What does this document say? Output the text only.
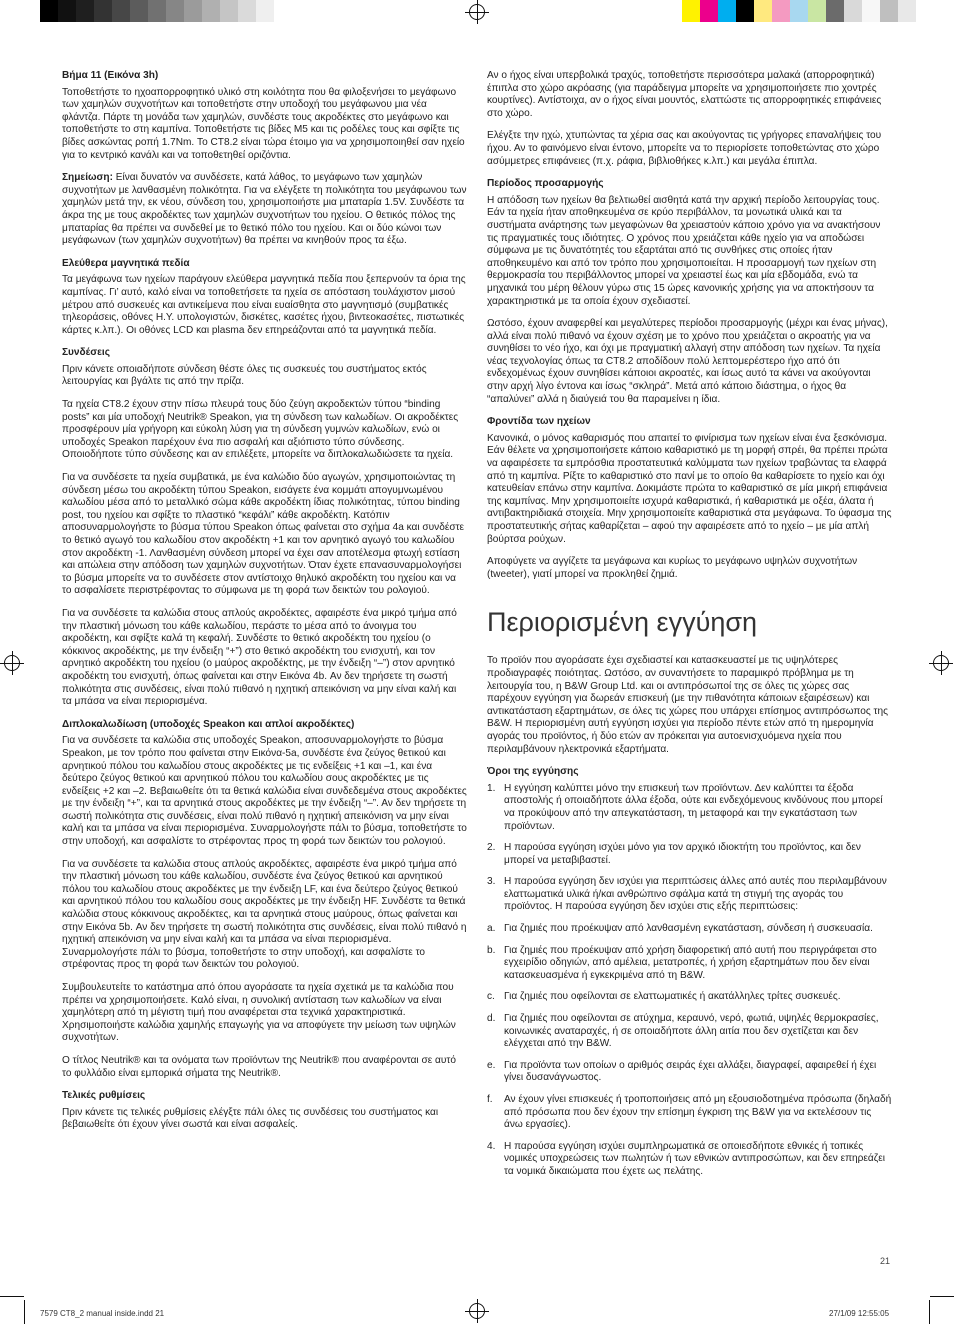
Βήμα 11 (Εικόνα 3h)

Τοποθετήστε το ηχοαπορροφητικό υλικό στη κοιλότητα που θα φιλοξενήσει το μεγάφωνο των χαμηλών συχνοτήτων και τοποθετήστε στην υποδοχή του μεγάφωνου μια νέα φλάντζα. Πάρτε τη μονάδα των χαμηλών, συνδέστε τους ακροδέκτες στο μεγάφωνο και τοποθετήστε το στη καμπίνα. Τοποθετήστε τις βίδες M5 και τις ροδέλες τους και σφίξτε τις βίδες ασκώντας ροπή 1.7Nm. Το CT8.2 είναι τώρα έτοιμο για να χρησιμοποιηθεί σαν ηχείο για το κεντρικό κανάλι και να τοποθετηθεί οριζόντια.

Σημείωση: Είναι δυνατόν να συνδέσετε, κατά λάθος, το μεγάφωνο των χαμηλών συχνοτήτων με λανθασμένη πολικότητα. Για να ελέγξετε τη πολικότητα του μεγάφωνου των χαμηλών μετά την, εκ νέου, σύνδεση του, χρησιμοποιήστε μια μπαταρία 1.5V. Συνδέστε τα άκρα της με τους ακροδέκτες των χαμηλών συχνοτήτων του ηχείου. Ο θετικός πόλος της μπαταρίας θα πρέπει να συνδεθεί με το θετικό πόλο του ηχείου. Και οι δύο κώνοι των μεγάφωνων (των χαμηλών συχνοτήτων) θα πρέπει να κινηθούν προς τα έξω.

Ελεύθερα μαγνητικά πεδία

Τα μεγάφωνα των ηχείων παράγουν ελεύθερα μαγνητικά πεδία που ξεπερνούν τα όρια της καμπίνας. Γι’ αυτό, καλό είναι να τοποθετήσετε τα ηχεία σε απόσταση τουλάχιστον μισού μέτρου από συσκευές και αντικείμενα που είναι ευαίσθητα στο μαγνητισμό (συμβατικές τηλεοράσεις, οθόνες Η.Υ. υπολογιστών, δισκέτες, κασέτες ήχου, βιντεοκασέτες, πιστωτικές κάρτες κ.λπ.). Οι οθόνες LCD και plasma δεν επηρεάζονται από τα μαγνητικά πεδία.

Συνδέσεις

Πριν κάνετε οποιαδήποτε σύνδεση θέστε όλες τις συσκευές του συστήματος εκτός λειτουργίας και βγάλτε τις από την πρίζα.

Τα ηχεία CT8.2 έχουν στην πίσω πλευρά τους δύο ζεύγη ακροδεκτών τύπου “binding posts” και μία υποδοχή Neutrik® Speakon, για τη σύνδεση των καλωδίων. Οι ακροδέκτες προσφέρουν μία γρήγορη και εύκολη λύση για τη σύνδεση γυμνών καλωδίων, ενώ οι υποδοχές Speakon παρέχουν ένα πιο ασφαλή και αξιόπιστο τύπο σύνδεσης. Οποιοδήποτε τύπο σύνδεσης και αν επιλέξετε, μπορείτε να διπλοκαλωδιώσετε τα ηχεία.

Για να συνδέσετε τα ηχεία συμβατικά, με ένα καλώδιο δύο αγωγών, χρησιμοποιώντας τη σύνδεση μέσω του ακροδέκτη τύπου Speakon, εισάγετε ένα κομμάτι απογυμνωμένου καλωδίου μέσα από το μεταλλικό σώμα κάθε ακροδέκτη ίδιας πολικότητας, τύπου binding post, του ηχείου και σφίξτε το πλαστικό “κεφάλι” κάθε ακροδέκτη. Κατόπιν αποσυναρμολογήστε το βύσμα τύπου Speakon όπως φαίνεται στο σχήμα 4a και συνδέστε το θετικό αγωγό του καλωδίου στον ακροδέκτη +1 και τον αρνητικό αγωγό του καλωδίου στον ακροδέκτη -1. Λανθασμένη σύνδεση μπορεί να έχει σαν αποτέλεσμα φτωχή εστίαση και απώλεια στην απόδοση των χαμηλών συχνοτήτων. Όταν έχετε επανασυναρμολογήσει το βύσμα μπορείτε να το συνδέσετε στον αντίστοιχο θηλυκό ακροδέκτη του ηχείου και να το ασφαλίσετε περιστρέφοντας το σύμφωνα με τη φορά των δεικτών του ρολογιού.

Για να συνδέσετε τα καλώδια στους απλούς ακροδέκτες, αφαιρέστε ένα μικρό τμήμα από την πλαστική μόνωση του κάθε καλωδίου, περάστε το μέσα από το άνοιγμα του ακροδέκτη, και σφίξτε καλά τη κεφαλή. Συνδέστε το θετικό ακροδέκτη του ηχείου (ο κόκκινος ακροδέκτης, με την ένδειξη “+”) στο θετικό ακροδέκτη του ενισχυτή, και τον αρνητικό ακροδέκτη του ηχείου (ο μαύρος ακροδέκτης, με την ένδειξη “–”) στον αρνητικό ακροδέκτη του ενισχυτή, όπως φαίνεται και στην Εικόνα 4b. Αν δεν τηρήσετε τη σωστή πολικότητα στις συνδέσεις, είναι πολύ πιθανό η ηχητική απεικόνιση να μην είναι καλή και τα μπάσα να είναι περιορισμένα.

Διπλοκαλωδίωση (υποδοχές Speakon και απλοί ακροδέκτες)

Για να συνδέσετε τα καλώδια στις υποδοχές Speakon, αποσυναρμολογήστε το βύσμα Speakon, με τον τρόπο που φαίνεται στην Εικόνα-5a, συνδέστε ένα ζεύγος θετικού και αρνητικού πόλου του καλωδίου στους ακροδέκτες με τις ενδείξεις +1 και –1, και ένα δεύτερο ζεύγος θετικού και αρνητικού πόλου του καλωδίου σους ακροδέκτες με τις ενδείξεις +2 και –2. Βεβαιωθείτε ότι τα θετικά καλώδια είναι συνδεδεμένα στους ακροδέκτες με την ένδειξη “+”, και τα αρνητικά στους ακροδέκτες με την ένδειξη “–”. Αν δεν τηρήσετε τη σωστή πολικότητα στις συνδέσεις, είναι πολύ πιθανό η ηχητική απεικόνιση να μην είναι καλή και τα μπάσα να είναι περιορισμένα. Συναρμολογήστε πάλι το βύσμα, τοποθετήστε το στην υποδοχή, και ασφαλίστε το στρέφοντας προς τη φορά των δεικτών του ρολογιού.

Για να συνδέσετε τα καλώδια στους απλούς ακροδέκτες, αφαιρέστε ένα μικρό τμήμα από την πλαστική μόνωση του κάθε καλωδίου, συνδέστε ένα ζεύγος θετικού και αρνητικού πόλου του καλωδίου στους ακροδέκτες με την ένδειξη LF, και ένα δεύτερο ζεύγος θετικού και αρνητικού πόλου του καλωδίου σους ακροδέκτες με την ένδειξη HF. Συνδέστε τα θετικά καλώδια στους κόκκινους ακροδέκτες, και τα αρνητικά στους μαύρους, όπως φαίνεται και στην Εικόνα 5b. Αν δεν τηρήσετε τη σωστή πολικότητα στις συνδέσεις, είναι πολύ πιθανό η ηχητική απεικόνιση να μην είναι καλή και τα μπάσα να είναι περιορισμένα. Συναρμολογήστε πάλι το βύσμα, τοποθετήστε το στην υποδοχή, και ασφαλίστε το στρέφοντας προς τη φορά των δεικτών του ρολογιού.

Συμβουλευτείτε το κατάστημα από όπου αγοράσατε τα ηχεία σχετικά με τα καλώδια που πρέπει να χρησιμοποιήσετε. Καλό είναι, η συνολική αντίσταση των καλωδίων να είναι χαμηλότερη από τη μέγιστη τιμή που αναφέρεται στα τεχνικά χαρακτηριστικά. Χρησιμοποιήστε καλώδια χαμηλής επαγωγής για να αποφύγετε την μείωση των υψηλών συχνοτήτων.

Ο τίτλος Neutrik® και τα ονόματα των προϊόντων της Neutrik® που αναφέρονται σε αυτό το φυλλάδιο είναι εμπορικά σήματα της Neutrik®.

Τελικές ρυθμίσεις

Πριν κάνετε τις τελικές ρυθμίσεις ελέγξτε πάλι όλες τις συνδέσεις του συστήματος και βεβαιωθείτε ότι έχουν γίνει σωστά και είναι ασφαλείς.

Αν ο ήχος είναι υπερβολικά τραχύς, τοποθετήστε περισσότερα μαλακά (απορροφητικά) έπιπλα στο χώρο ακρόασης (για παράδειγμα μπορείτε να χρησιμοποιήσετε πιο χοντρές κουρτίνες). Αντίστοιχα, αν ο ήχος είναι μουντός, ελαττώστε τις απορροφητικές επιφάνειες στο χώρο.

Ελέγξτε την ηχώ, χτυπώντας τα χέρια σας και ακούγοντας τις γρήγορες επαναλήψεις του ήχου. Αν το φαινόμενο είναι έντονο, μπορείτε να το περιορίσετε τοποθετώντας στο χώρο ασύμμετρες επιφάνειες (π.χ. ράφια, βιβλιοθήκες κ.λπ.) και μεγάλα έπιπλα.

Περίοδος προσαρμογής

Η απόδοση των ηχείων θα βελτιωθεί αισθητά κατά την αρχική περίοδο λειτουργίας τους. Εάν τα ηχεία ήταν αποθηκευμένα σε κρύο περιβάλλον, τα μονωτικά υλικά και τα συστήματα ανάρτησης των μεγαφώνων θα χρειαστούν κάποιο χρόνο για να ανακτήσουν τις πραγματικές τους ιδιότητες. Ο χρόνος που χρειάζεται κάθε ηχείο για να αποδώσει σύμφωνα με τις δυνατότητές του εξαρτάται από τις συνθήκες στις οποίες ήταν αποθηκευμένο και από τον τρόπο που χρησιμοποιείται. Η προσαρμογή των ηχείων στη θερμοκρασία του περιβάλλοντος μπορεί να χρειαστεί έως και μία εβδομάδα, ενώ τα μηχανικά του μέρη θέλουν γύρω στις 15 ώρες κανονικής χρήσης για να αποκτήσουν τα χαρακτηριστικά με τα οποία έχουν σχεδιαστεί.

Ωστόσο, έχουν αναφερθεί και μεγαλύτερες περίοδοι προσαρμογής (μέχρι και ένας μήνας), αλλά είναι πολύ πιθανό να έχουν σχέση με το χρόνο που χρειάζεται ο ακροατής για να συνηθίσει το νέο ήχο, και όχι με πραγματική αλλαγή στην απόδοση των ηχείων. Τα ηχεία νέας τεχνολογίας όπως τα CT8.2 αποδίδουν πολύ λεπτομερέστερο ήχο από ότι ενδεχομένως έχουν συνηθίσει κάποιοι ακροατές, και ίσως αυτό τα κάνει να ακούγονται στην αρχή λίγο έντονα και ίσως “σκληρά”. Μετά από κάποιο διάστημα, ο ήχος θα “απαλύνει” αλλά η διαύγειά του θα παραμείνει η ίδια.

Φροντίδα των ηχείων

Κανονικά, ο μόνος καθαρισμός που απαιτεί το φινίρισμα των ηχείων είναι ένα ξεσκόνισμα. Εάν θέλετε να χρησιμοποιήσετε κάποιο καθαριστικό με τη μορφή σπρέι, θα πρέπει πρώτα να αφαιρέσετε τα εμπρόσθια προστατευτικά καλύμματα των ηχείων τραβώντας τα ελαφρά από τη καμπίνα. Ρίξτε το καθαριστικό στο πανί με το οποίο θα καθαρίσετε το ηχείο και όχι κατευθείαν επάνω στην καμπίνα. Δοκιμάστε πρώτα το καθαριστικό σε μία μικρή επιφάνεια της καμπίνας. Μην χρησιμοποιείτε ισχυρά καθαριστικά, ή καθαριστικά με οξέα, άλατα ή αντιβακτηριδιακά στοιχεία. Μην χρησιμοποιείτε καθαριστικά στα μεγάφωνα. Το ύφασμα της προστατευτικής σήτας καθαρίζεται – αφού την αφαιρέσετε από το ηχείο – με μία απλή βούρτσα ρούχων.

Αποφύγετε να αγγίζετε τα μεγάφωνα και κυρίως το μεγάφωνο υψηλών συχνοτήτων (tweeter), γιατί μπορεί να προκληθεί ζημιά.

Περιορισμένη εγγύηση

Το προϊόν που αγοράσατε έχει σχεδιαστεί και κατασκευαστεί με τις υψηλότερες προδιαγραφές ποιότητας. Ωστόσο, αν συναντήσετε το παραμικρό πρόβλημα με τη λειτουργία του, η B&W Group Ltd. και οι αντιπρόσωποί της σε όλες τις χώρες σας παρέχουν εγγύηση για δωρεάν επισκευή (με την πιθανότητα κάποιων εξαιρέσεων) και αντικατάσταση εξαρτημάτων, σε όλες τις χώρες που υπάρχει επίσημος αντιπρόσωπος της B&W. Η περιορισμένη αυτή εγγύηση ισχύει για περίοδο πέντε ετών από τη ημερομηνία αγοράς του προϊόντος, ή δύο ετών αν πρόκειται για αυτοενισχυόμενα ηχεία που περιλαμβάνουν ηλεκτρονικά εξαρτήματα.

Όροι της εγγύησης
1. Η εγγύηση καλύπτει μόνο την επισκευή των προϊόντων. Δεν καλύπτει τα έξοδα αποστολής ή οποιαδήποτε άλλα έξοδα, ούτε και ενδεχόμενους κινδύνους που μπορεί να προκύψουν από την απεγκατάσταση, τη μεταφορά και την εγκατάσταση των προϊόντων.
2. Η παρούσα εγγύηση ισχύει μόνο για τον αρχικό ιδιοκτήτη του προϊόντος, και δεν μπορεί να μεταβιβαστεί.
3. Η παρούσα εγγύηση δεν ισχύει για περιπτώσεις άλλες από αυτές που περιλαμβάνουν ελαττωματικά υλικά ή/και ανθρώπινο σφάλμα κατά τη στιγμή της αγοράς του προϊόντος. Η παρούσα εγγύηση δεν ισχύει στις εξής περιπτώσεις:
a. Για ζημιές που προέκυψαν από λανθασμένη εγκατάσταση, σύνδεση ή συσκευασία.
b. Για ζημιές που προέκυψαν από χρήση διαφορετική από αυτή που περιγράφεται στο εγχειρίδιο οδηγιών, από αμέλεια, μετατροπές, ή χρήση εξαρτημάτων που δεν είναι κατασκευασμένα ή εγκεκριμένα από τη B&W.
c. Για ζημιές που οφείλονται σε ελαττωματικές ή ακατάλληλες τρίτες συσκευές.
d. Για ζημιές που οφείλονται σε ατύχημα, κεραυνό, νερό, φωτιά, υψηλές θερμοκρασίες, κοινωνικές αναταραχές, ή σε οποιαδήποτε άλλη αιτία που δεν σχετίζεται και δεν ελέγχεται από την B&W.
e. Για προϊόντα των οποίων ο αριθμός σειράς έχει αλλάξει, διαγραφεί, αφαιρεθεί ή έχει γίνει δυσανάγνωστος.
f.	Αν έχουν γίνει επισκευές ή τροποποιήσεις από μη εξουσιοδοτημένα πρόσωπα (δηλαδή από πρόσωπα που δεν έχουν την επίσημη έγκριση της B&W για να εκτελέσουν τις άνω εργασίες).
4. Η παρούσα εγγύηση ισχύει συμπληρωματικά σε οποιεσδήποτε εθνικές ή τοπικές νομικές υποχρεώσεις των πωλητών ή των εθνικών αντιπροσώπων, και δεν επηρεάζει τα νομικά δικαιώματα που έχετε ως πελάτης.
21
7579 CT8_2 manual inside.indd 21	27/1/09 12:55:05
